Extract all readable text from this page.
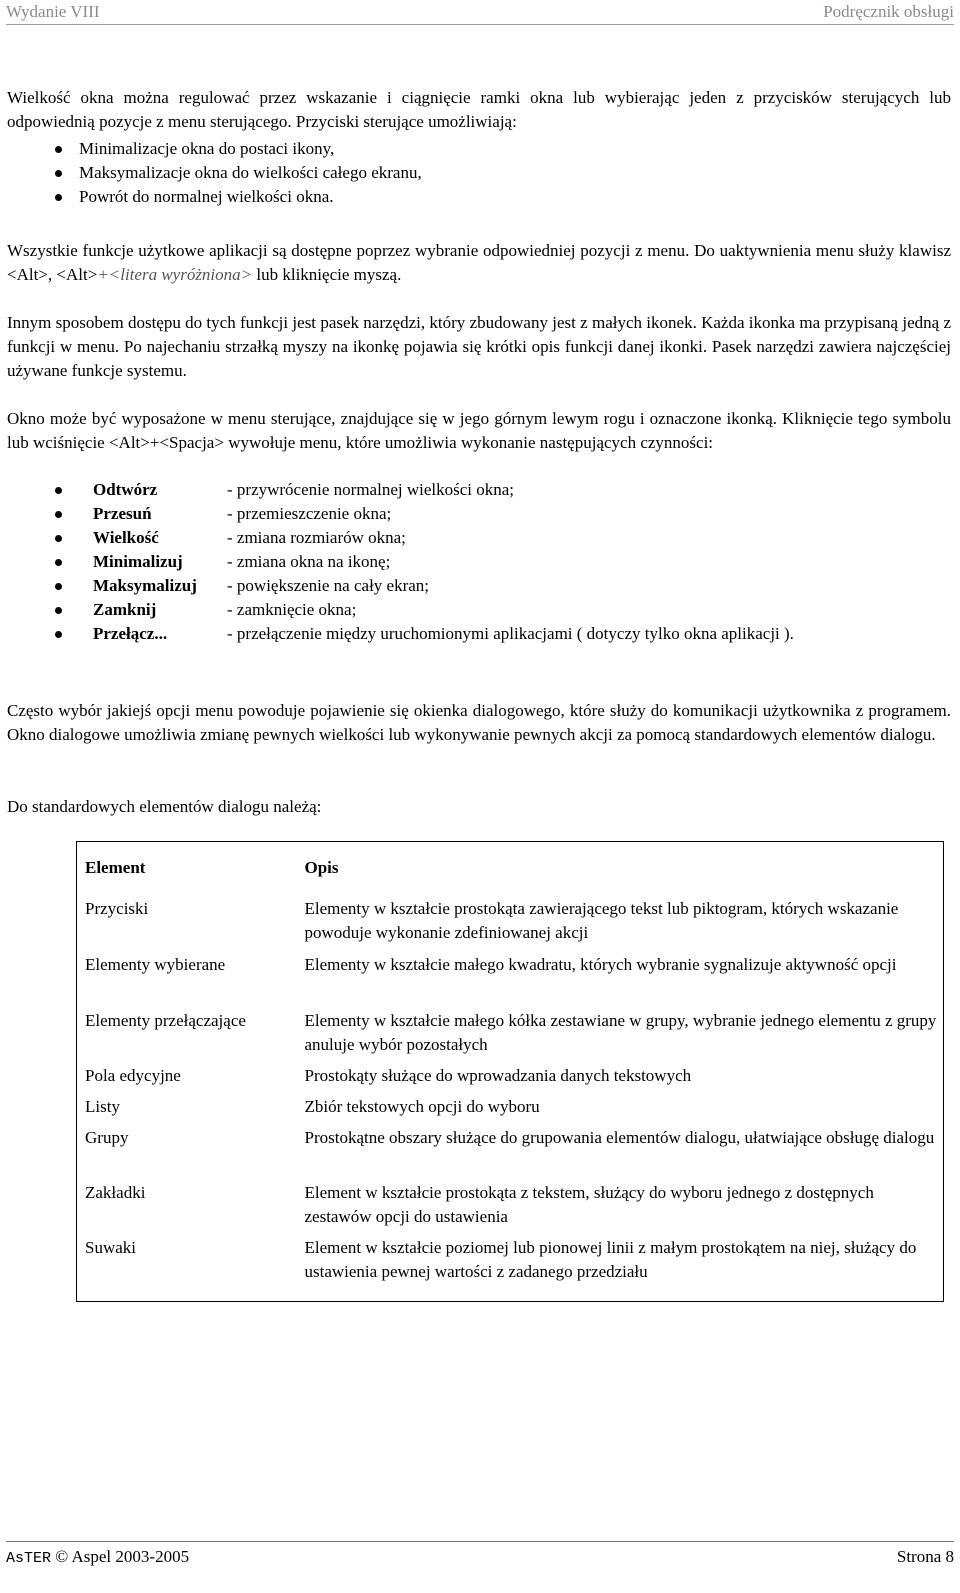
Wydanie VIII	Podręcznik obsługi

Wielkość okna można regulować przez wskazanie i ciągnięcie ramki okna lub wybierając jeden z przycisków sterujących lub odpowiednią pozycje z menu sterującego. Przyciski sterujące umożliwiają:

Minimalizacje okna do postaci ikony,
Maksymalizacje okna do wielkości całego ekranu,
Powrót do normalnej wielkości okna.

Wszystkie funkcje użytkowe aplikacji są dostępne poprzez wybranie odpowiedniej pozycji z menu. Do uaktywnienia menu służy klawisz <Alt>, <Alt>+<litera wyróżniona> lub kliknięcie myszą.

Innym sposobem dostępu do tych funkcji jest pasek narzędzi, który zbudowany jest z małych ikonek. Każda ikonka ma przypisaną jedną z funkcji w menu. Po najechaniu strzałką myszy na ikonkę pojawia się krótki opis funkcji danej ikonki. Pasek narzędzi zawiera najczęściej używane funkcje systemu.

Okno może być wyposażone w menu sterujące, znajdujące się w jego górnym lewym rogu i oznaczone ikonką. Kliknięcie tego symbolu lub wciśnięcie <Alt>+<Spacja> wywołuje menu, które umożliwia wykonanie następujących czynności:

Odtwórz	- przywrócenie normalnej wielkości okna;
Przesuń	- przemieszczenie okna;
Wielkość	- zmiana rozmiarów okna;
Minimalizuj	- zmiana okna na ikonę;
Maksymalizuj - powiększenie na cały ekran;
Zamknij	- zamknięcie okna;
Przełącz...	- przełączenie między uruchomionymi aplikacjami ( dotyczy tylko okna aplikacji ).

Często wybór jakiejś opcji menu powoduje pojawienie się okienka dialogowego, które służy do komunikacji użytkownika z programem. Okno dialogowe umożliwia zmianę pewnych wielkości lub wykonywanie pewnych akcji za pomocą standardowych elementów dialogu.

Do standardowych elementów dialogu należą:

Element	Opis
Przyciski	Elementy w kształcie prostokąta zawierającego tekst lub piktogram, których wskazanie powoduje wykonanie zdefiniowanej akcji
Elementy wybierane	Elementy w kształcie małego kwadratu, których wybranie sygnalizuje aktywność opcji
Elementy przełączające	Elementy w kształcie małego kółka zestawiane w grupy, wybranie jednego elementu z grupy anuluje wybór pozostałych
Pola edycyjne	Prostokąty służące do wprowadzania danych tekstowych
Listy	Zbiór tekstowych opcji do wyboru
Grupy	Prostokątne obszary służące do grupowania elementów dialogu, ułatwiające obsługę dialogu
Zakładki	Element w kształcie prostokąta z tekstem, służący do wyboru jednego z dostępnych zestawów opcji do ustawienia
Suwaki	Element w kształcie poziomej lub pionowej linii z małym prostokątem na niej, służący do ustawienia pewnej wartości z zadanego przedziału
AsTER © Aspel 2003-2005	Strona 8
